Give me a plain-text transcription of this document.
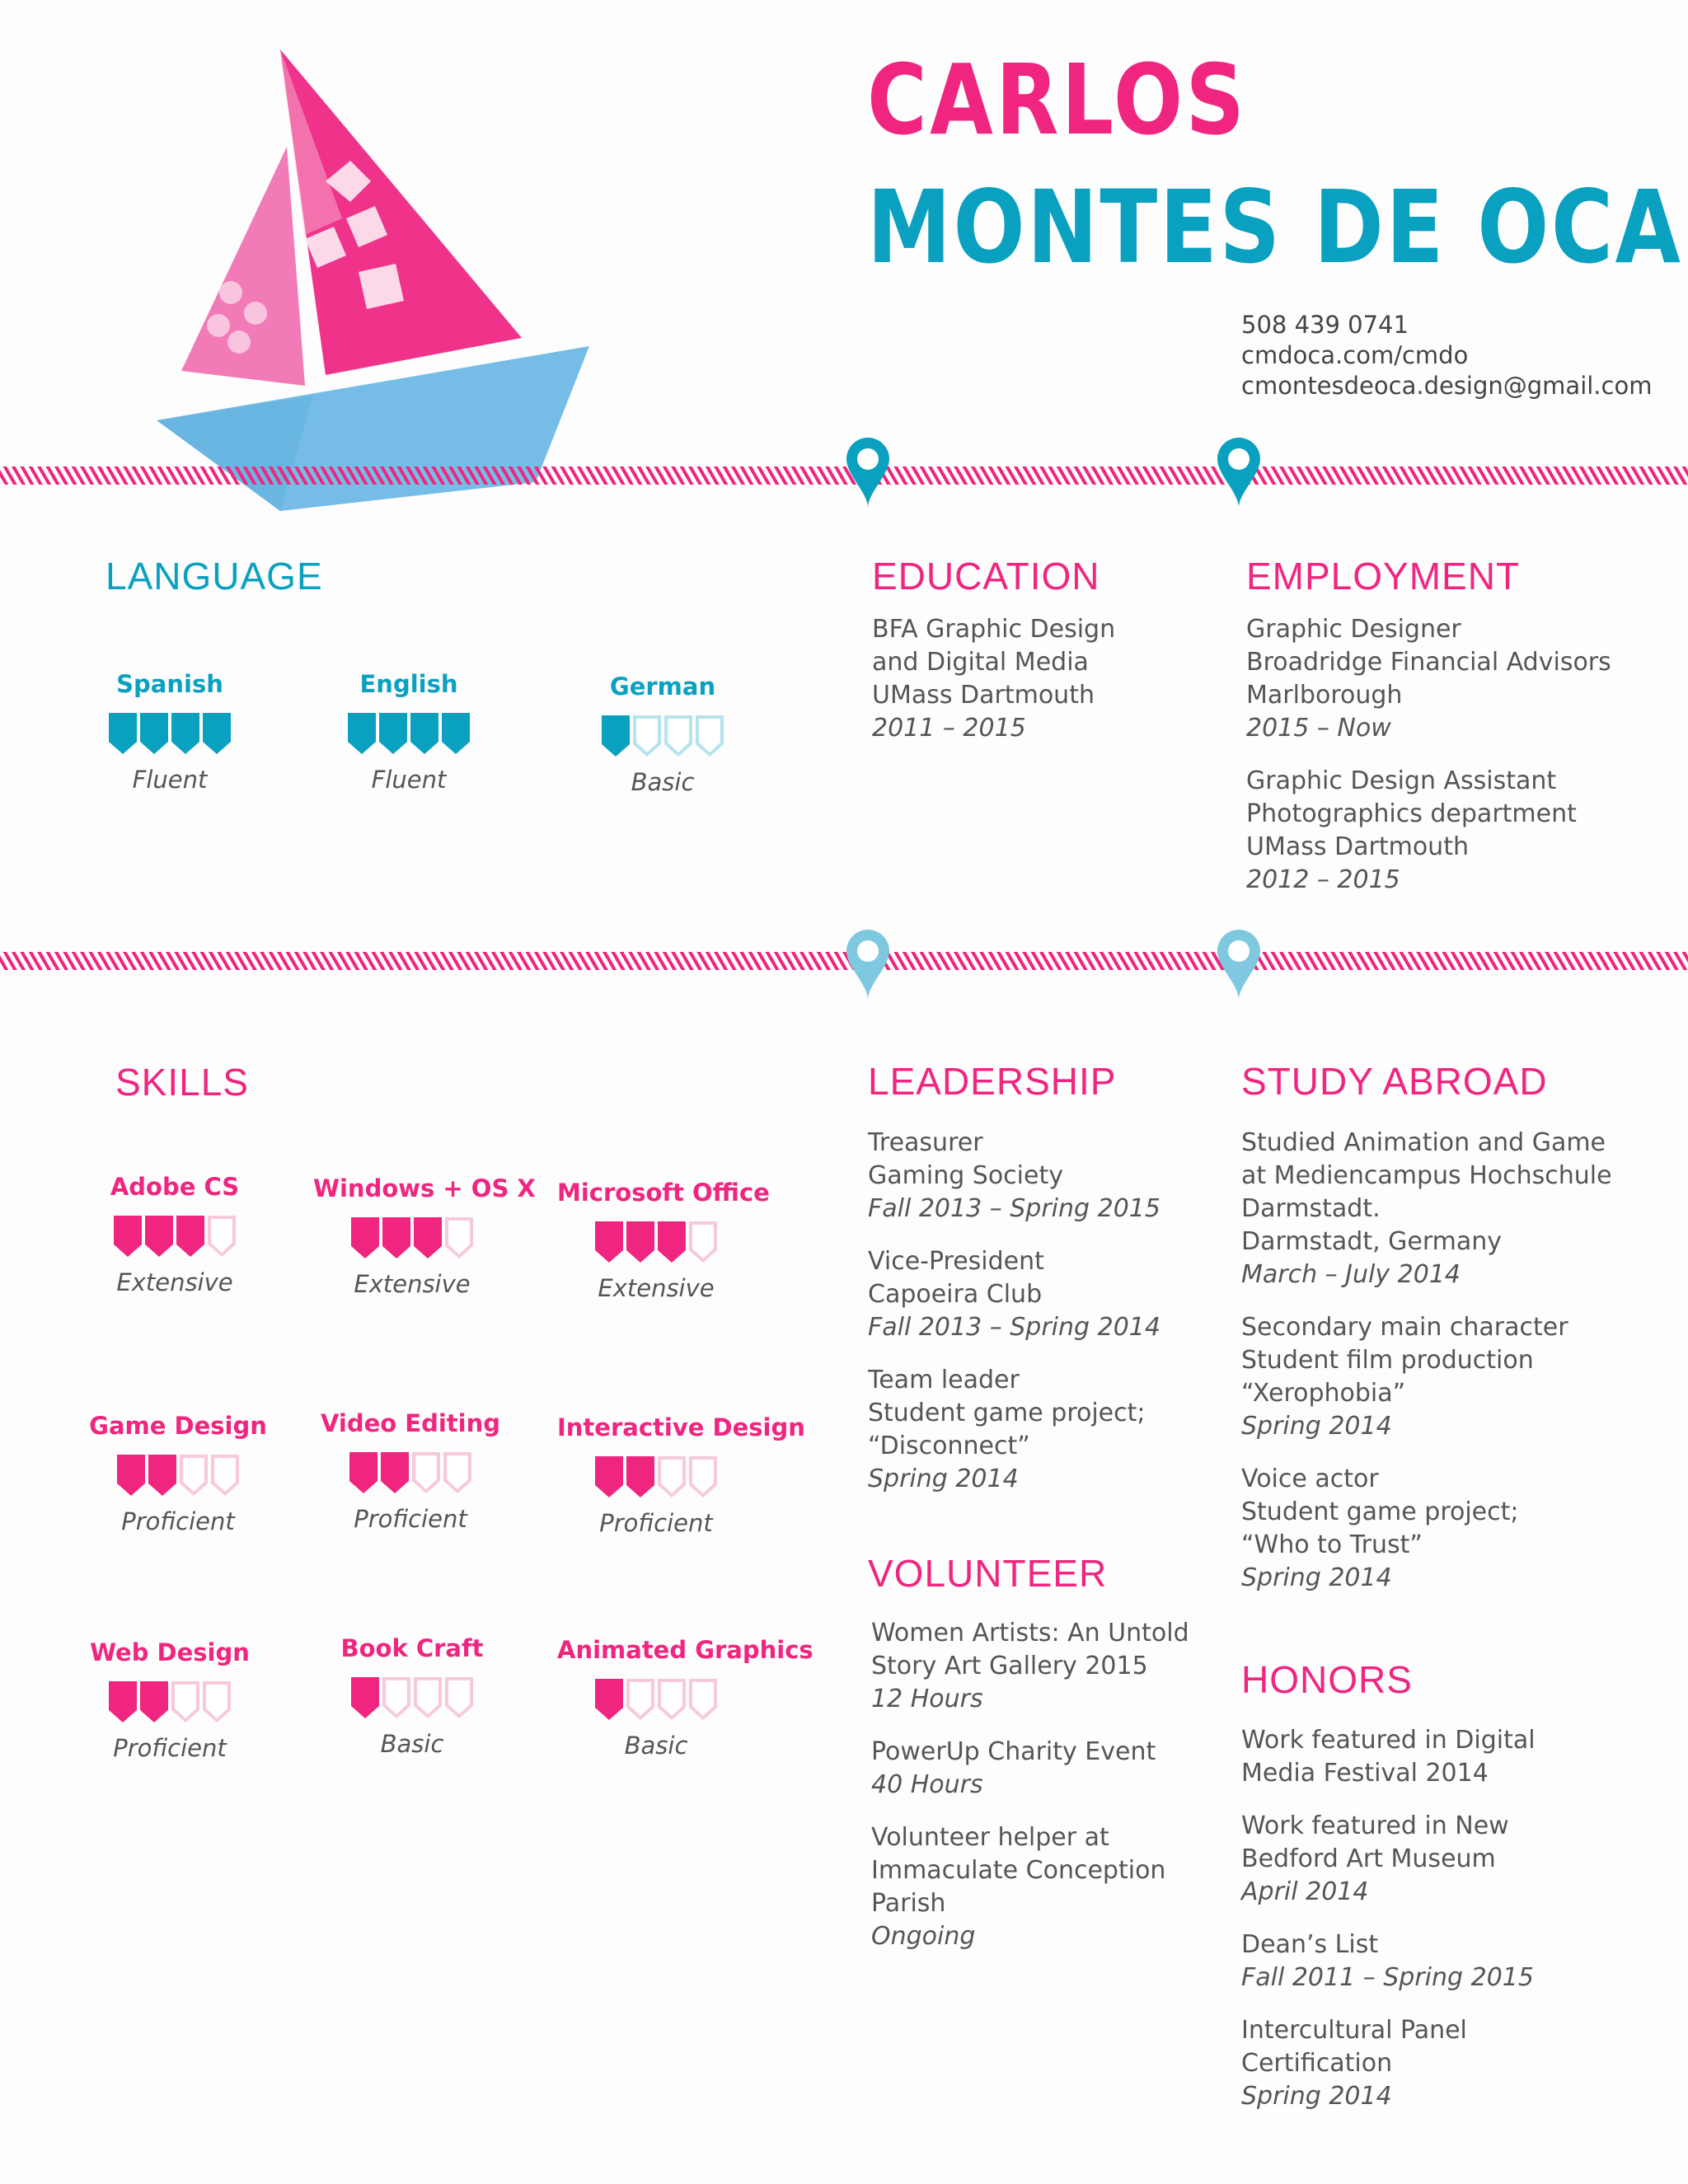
CARLOS
MONTES DE OCA
508 439 0741
cmdoca.com/cmdo
cmontesdeoca.design@gmail.com
LANGUAGE
Spanish
Fluent
English
Fluent
German
Basic
EDUCATION
BFA Graphic Design
and Digital Media
UMass Dartmouth
2011 – 2015
EMPLOYMENT
Graphic Designer
Broadridge Financial Advisors
Marlborough
2015 – Now
Graphic Design Assistant
Photographics department
UMass Dartmouth
2012 – 2015
SKILLS
Adobe CS
Extensive
Windows + OS X
Extensive
Microsoft Office
Extensive
Game Design
Proficient
Video Editing
Proficient
Interactive Design
Proficient
Web Design
Proficient
Book Craft
Basic
Animated Graphics
Basic
LEADERSHIP
Treasurer
Gaming Society
Fall 2013 – Spring 2015
Vice-President
Capoeira Club
Fall 2013 – Spring 2014
Team leader
Student game project;
“Disconnect”
Spring 2014
VOLUNTEER
Women Artists: An Untold
Story Art Gallery 2015
12 Hours
PowerUp Charity Event
40 Hours
Volunteer helper at
Immaculate Conception
Parish
Ongoing
STUDY ABROAD
Studied Animation and Game
at Mediencampus Hochschule
Darmstadt.
Darmstadt, Germany
March – July 2014
Secondary main character
Student film production
“Xerophobia”
Spring 2014
Voice actor
Student game project;
“Who to Trust”
Spring 2014
HONORS
Work featured in Digital
Media Festival 2014
Work featured in New
Bedford Art Museum
April 2014
Dean’s List
Fall 2011 – Spring 2015
Intercultural Panel
Certification
Spring 2014
